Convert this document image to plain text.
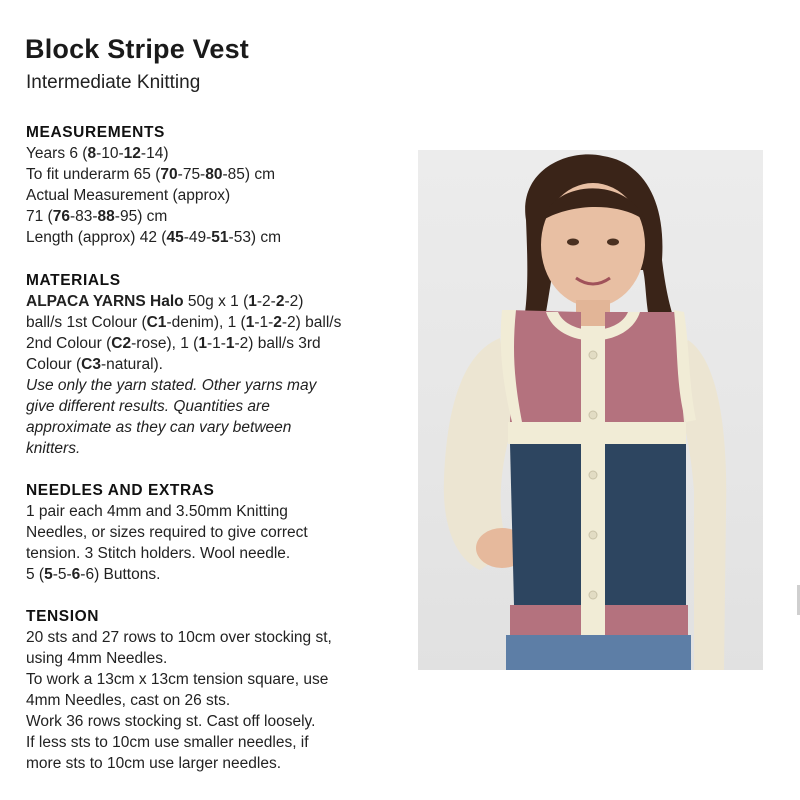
Block Stripe Vest

Intermediate Knitting

MEASUREMENTS

Years 6 (8-10-12-14)

To fit underarm 65 (70-75-80-85) cm

Actual Measurement (approx)

71 (76-83-88-95) cm

Length (approx) 42 (45-49-51-53) cm

MATERIALS

ALPACA YARNS Halo 50g x 1 (1-2-2-2)

ball/s 1st Colour (C1-denim), 1 (1-1-2-2) ball/s

2nd Colour (C2-rose), 1 (1-1-1-2) ball/s 3rd

Colour (C3-natural).

Use only the yarn stated. Other yarns may

give different results. Quantities are

approximate as they can vary between

knitters.

NEEDLES AND EXTRAS

1 pair each 4mm and 3.50mm Knitting

Needles, or sizes required to give correct

tension. 3 Stitch holders. Wool needle.

5 (5-5-6-6) Buttons.

TENSION

20 sts and 27 rows to 10cm over stocking st,

using 4mm Needles.

To work a 13cm x 13cm tension square, use

4mm Needles, cast on 26 sts.

Work 36 rows stocking st. Cast off loosely.

If less sts to 10cm use smaller needles, if

more sts to 10cm use larger needles.
